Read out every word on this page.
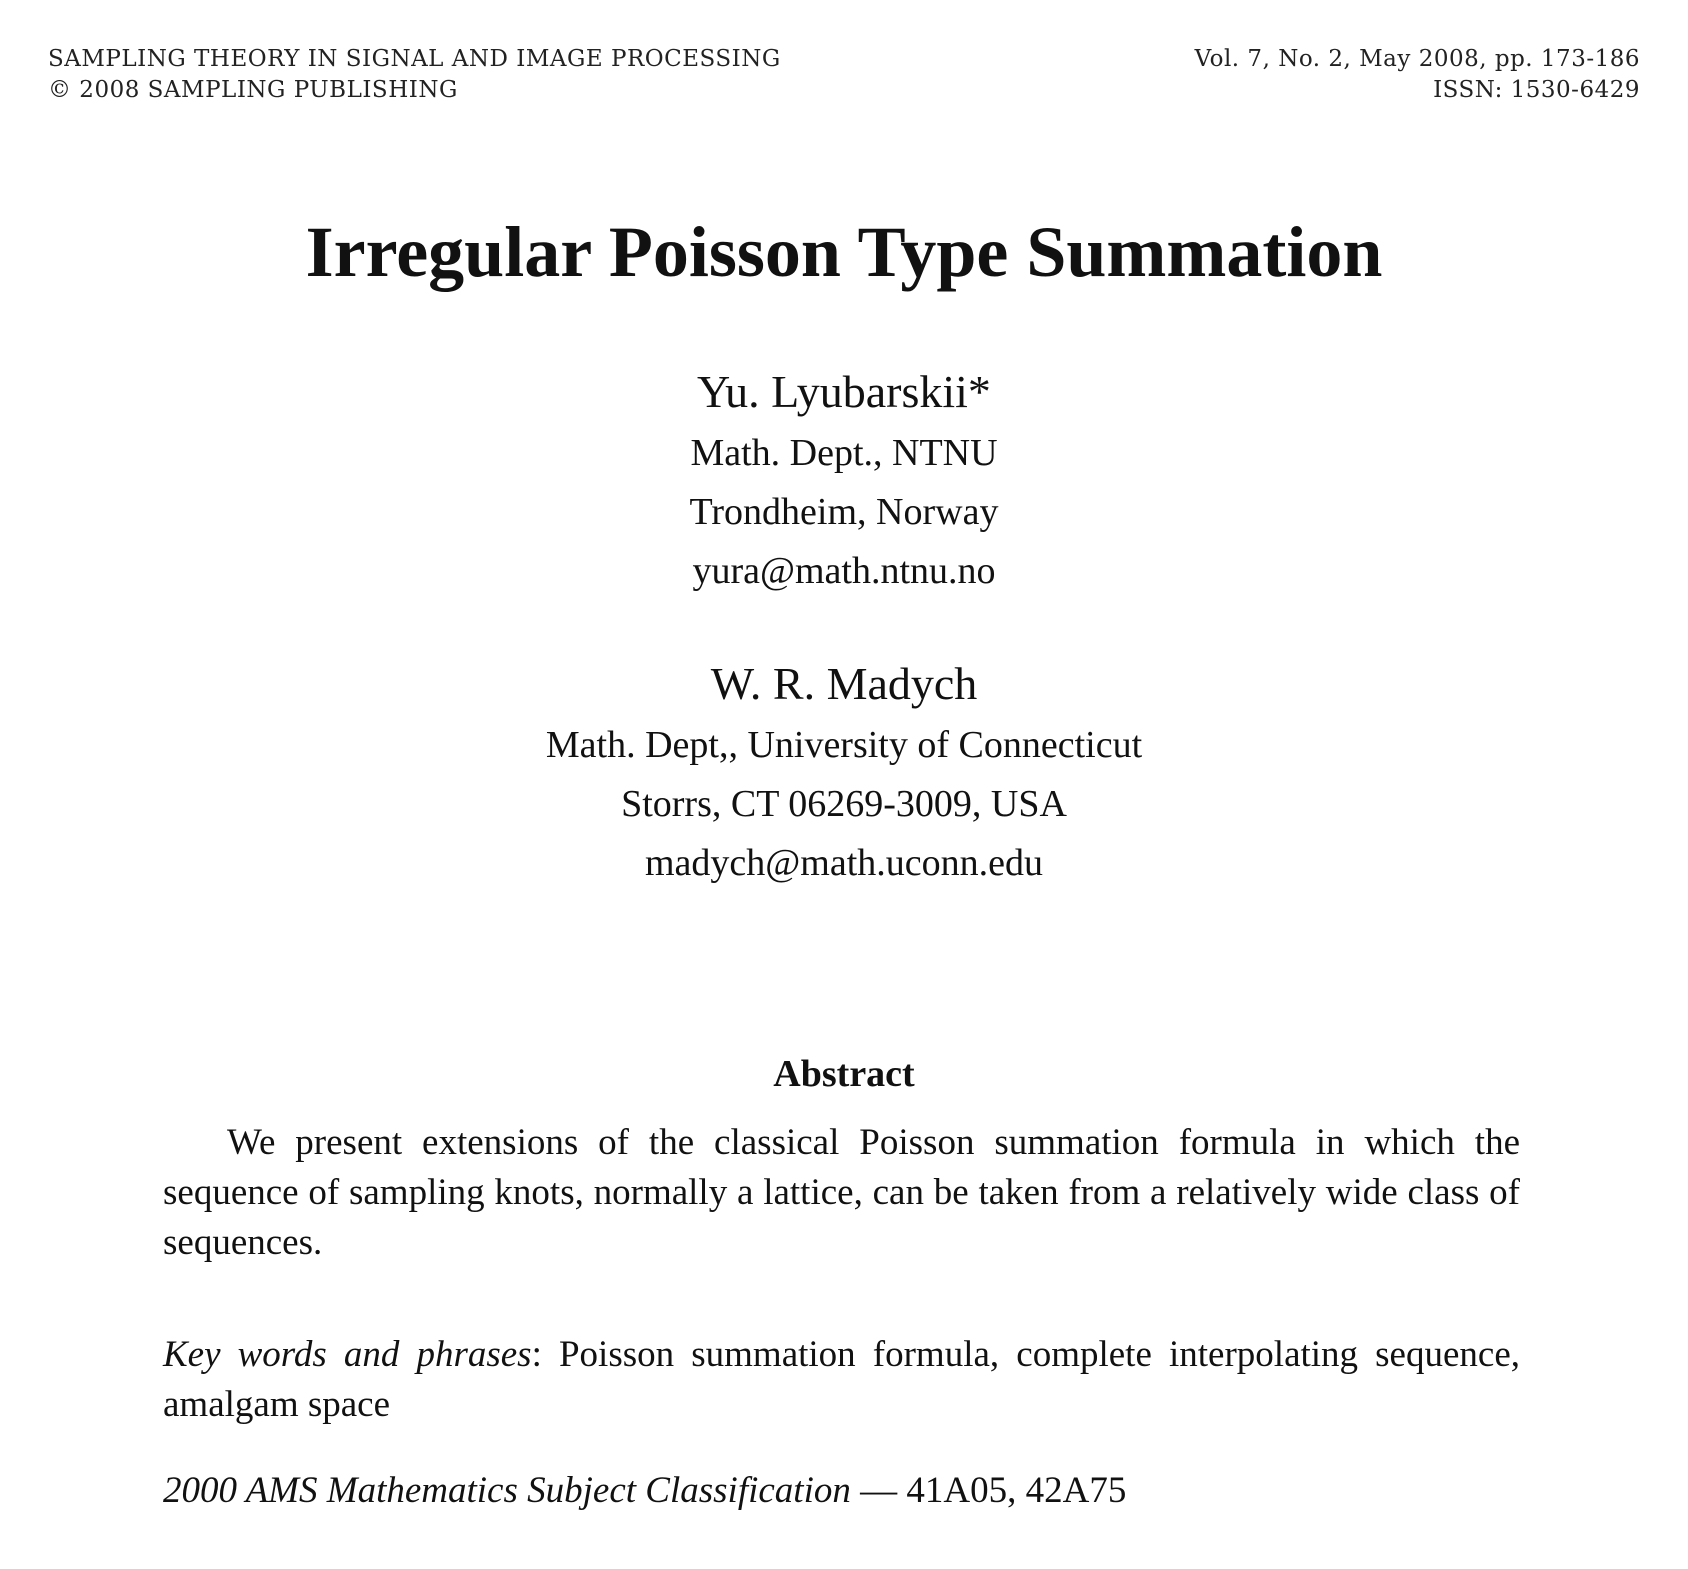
SAMPLING THEORY IN SIGNAL AND IMAGE PROCESSING
© 2008 SAMPLING PUBLISHING
Vol. 7, No. 2, May 2008, pp. 173-186
ISSN: 1530-6429
Irregular Poisson Type Summation
Yu. Lyubarskii*
Math. Dept., NTNU
Trondheim, Norway
yura@math.ntnu.no
W. R. Madych
Math. Dept,, University of Connecticut
Storrs, CT 06269-3009, USA
madych@math.uconn.edu
Abstract
We present extensions of the classical Poisson summation formula in which the sequence of sampling knots, normally a lattice, can be taken from a relatively wide class of sequences.
Key words and phrases: Poisson summation formula, complete interpolating sequence, amalgam space
2000 AMS Mathematics Subject Classification — 41A05, 42A75
